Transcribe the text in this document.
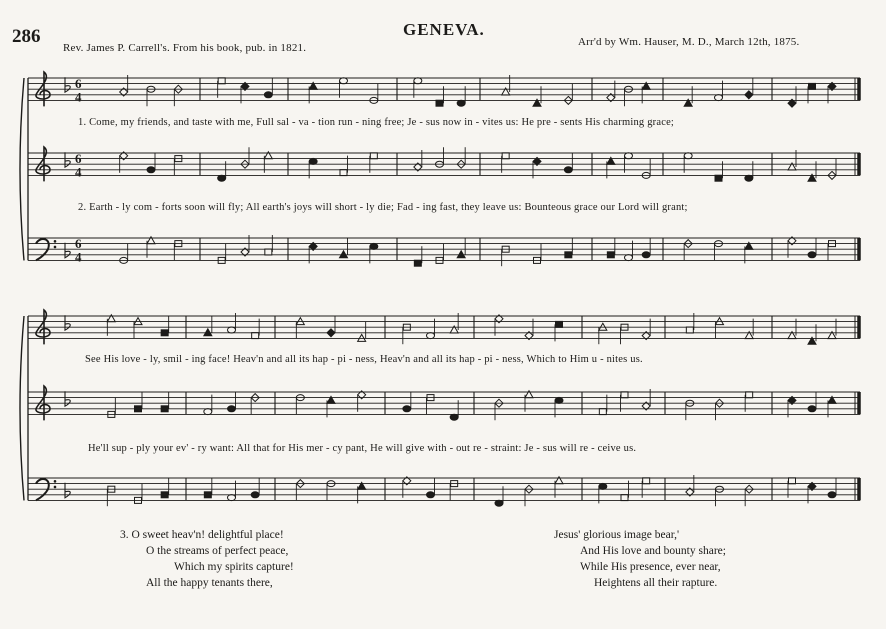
286	GENEVA.
Rev. James P. Carrell's. From his book, pub. in 1821.	Arr'd by Wm. Hauser, M. D., March 12th, 1875.
6
4
6
4
6
4
1. Come, my friends, and taste with me, Full sal - va - tion run - ning free; Je - sus now in - vites us: He pre - sents His charming grace;
2. Earth - ly com - forts soon will fly; All earth's joys will short - ly die; Fad - ing fast, they leave us: Bounteous grace our Lord will grant;
See His love - ly, smil - ing face! Heav'n and all its hap - pi - ness, Heav'n and all its hap - pi - ness, Which to Him u - nites us.
He'll sup - ply your ev' - ry want: All that for His mer - cy pant, He will give with - out re - straint: Je - sus will re - ceive us.
3. O sweet heav'n! delightful place!
O the streams of perfect peace,
Which my spirits capture!
All the happy tenants there,
Jesus' glorious image bear,'
And His love and bounty share;
While His presence, ever near,
Heightens all their rapture.
